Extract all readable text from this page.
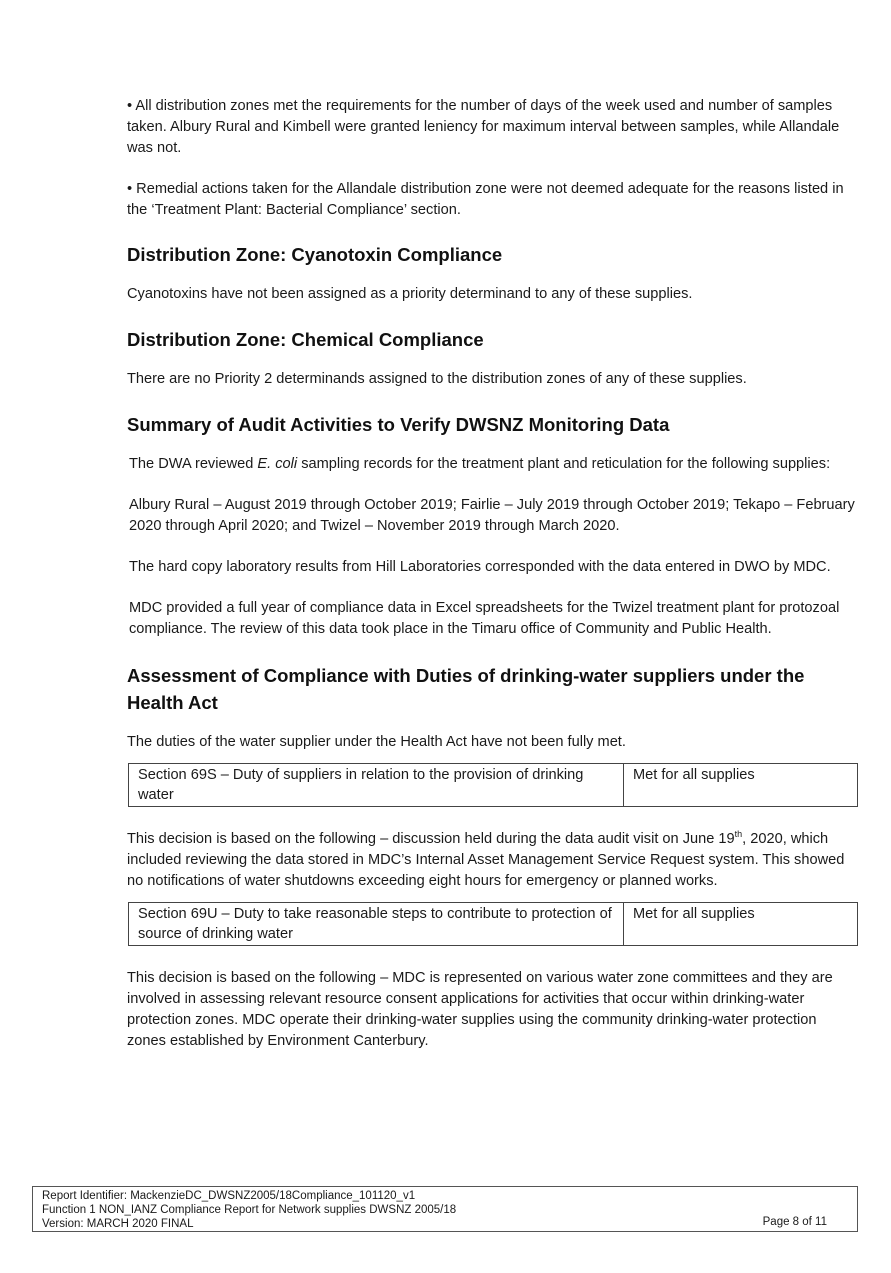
• All distribution zones met the requirements for the number of days of the week used and number of samples taken. Albury Rural and Kimbell were granted leniency for maximum interval between samples, while Allandale was not.

• Remedial actions taken for the Allandale distribution zone were not deemed adequate for the reasons listed in the ‘Treatment Plant: Bacterial Compliance’ section.

Distribution Zone: Cyanotoxin Compliance

Cyanotoxins have not been assigned as a priority determinand to any of these supplies.

Distribution Zone: Chemical Compliance

There are no Priority 2 determinands assigned to the distribution zones of any of these supplies.

Summary of Audit Activities to Verify DWSNZ Monitoring Data

The DWA reviewed E. coli sampling records for the treatment plant and reticulation for the following supplies:

Albury Rural – August 2019 through October 2019; Fairlie – July 2019 through October 2019; Tekapo – February 2020 through April 2020; and Twizel – November 2019 through March 2020.

The hard copy laboratory results from Hill Laboratories corresponded with the data entered in DWO by MDC.

MDC provided a full year of compliance data in Excel spreadsheets for the Twizel treatment plant for protozoal compliance. The review of this data took place in the Timaru office of Community and Public Health.

Assessment of Compliance with Duties of drinking-water suppliers under the Health Act

The duties of the water supplier under the Health Act have not been fully met.

Section 69S – Duty of suppliers in relation to the provision of drinking water	Met for all supplies

This decision is based on the following – discussion held during the data audit visit on June 19th, 2020, which included reviewing the data stored in MDC’s Internal Asset Management Service Request system. This showed no notifications of water shutdowns exceeding eight hours for emergency or planned works.

Section 69U – Duty to take reasonable steps to contribute to protection of source of drinking water	Met for all supplies

This decision is based on the following – MDC is represented on various water zone committees and they are involved in assessing relevant resource consent applications for activities that occur within drinking-water protection zones. MDC operate their drinking-water supplies using the community drinking-water protection zones established by Environment Canterbury.

Report Identifier: MackenzieDC_DWSNZ2005/18Compliance_101120_v1
Function 1 NON_IANZ Compliance Report for Network supplies DWSNZ 2005/18
Version: MARCH 2020 FINAL	Page 8 of 11
